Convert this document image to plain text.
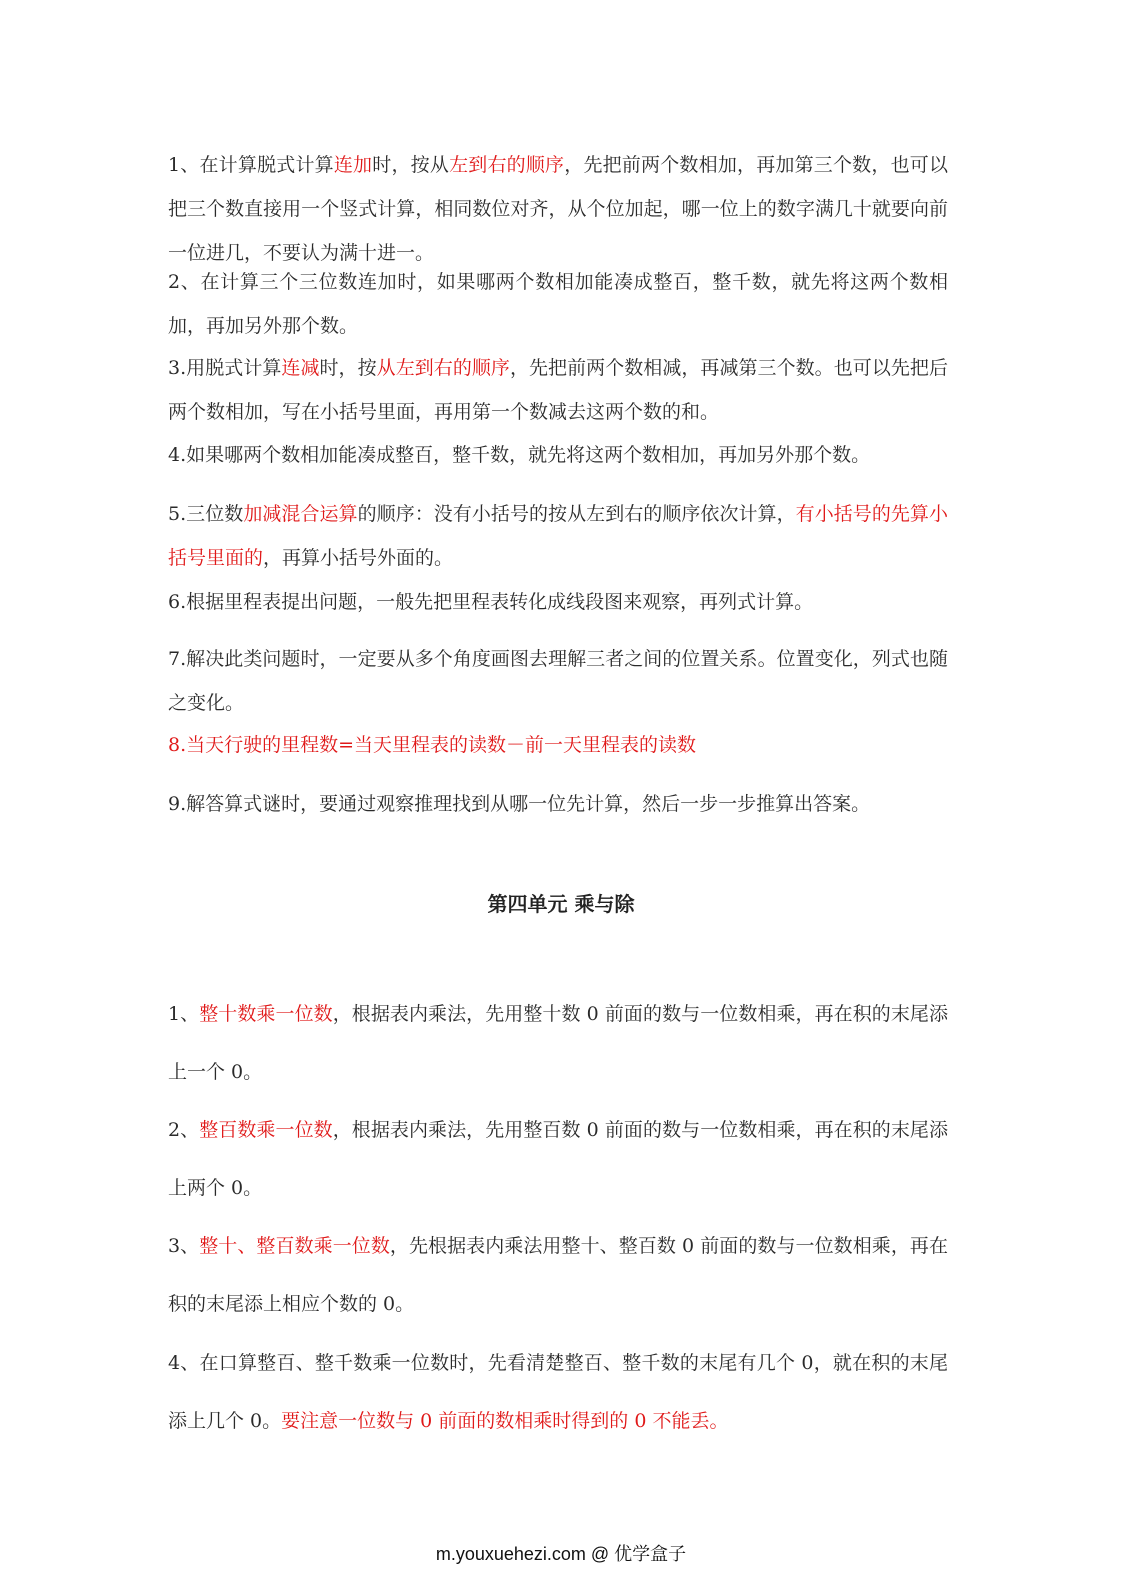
1、在计算脱式计算连加时，按从左到右的顺序，先把前两个数相加，再加第三个数，也可以把三个数直接用一个竖式计算，相同数位对齐，从个位加起，哪一位上的数字满几十就要向前一位进几，不要认为满十进一。

2、在计算三个三位数连加时，如果哪两个数相加能凑成整百，整千数，就先将这两个数相加，再加另外那个数。

3.用脱式计算连减时，按从左到右的顺序，先把前两个数相减，再减第三个数。也可以先把后两个数相加，写在小括号里面，再用第一个数减去这两个数的和。

4.如果哪两个数相加能凑成整百，整千数，就先将这两个数相加，再加另外那个数。

5.三位数加减混合运算的顺序：没有小括号的按从左到右的顺序依次计算，有小括号的先算小括号里面的，再算小括号外面的。

6.根据里程表提出问题，一般先把里程表转化成线段图来观察，再列式计算。

7.解决此类问题时，一定要从多个角度画图去理解三者之间的位置关系。位置变化，列式也随之变化。

8.当天行驶的里程数=当天里程表的读数－前一天里程表的读数

9.解答算式谜时，要通过观察推理找到从哪一位先计算，然后一步一步推算出答案。

第四单元 乘与除

1、整十数乘一位数，根据表内乘法，先用整十数 0 前面的数与一位数相乘，再在积的末尾添上一个 0。

2、整百数乘一位数，根据表内乘法，先用整百数 0 前面的数与一位数相乘，再在积的末尾添上两个 0。

3、整十、整百数乘一位数，先根据表内乘法用整十、整百数 0 前面的数与一位数相乘，再在积的末尾添上相应个数的 0。

4、在口算整百、整千数乘一位数时，先看清楚整百、整千数的末尾有几个 0，就在积的末尾添上几个 0。要注意一位数与 0 前面的数相乘时得到的 0 不能丢。

m.youxuehezi.com @ 优学盒子
